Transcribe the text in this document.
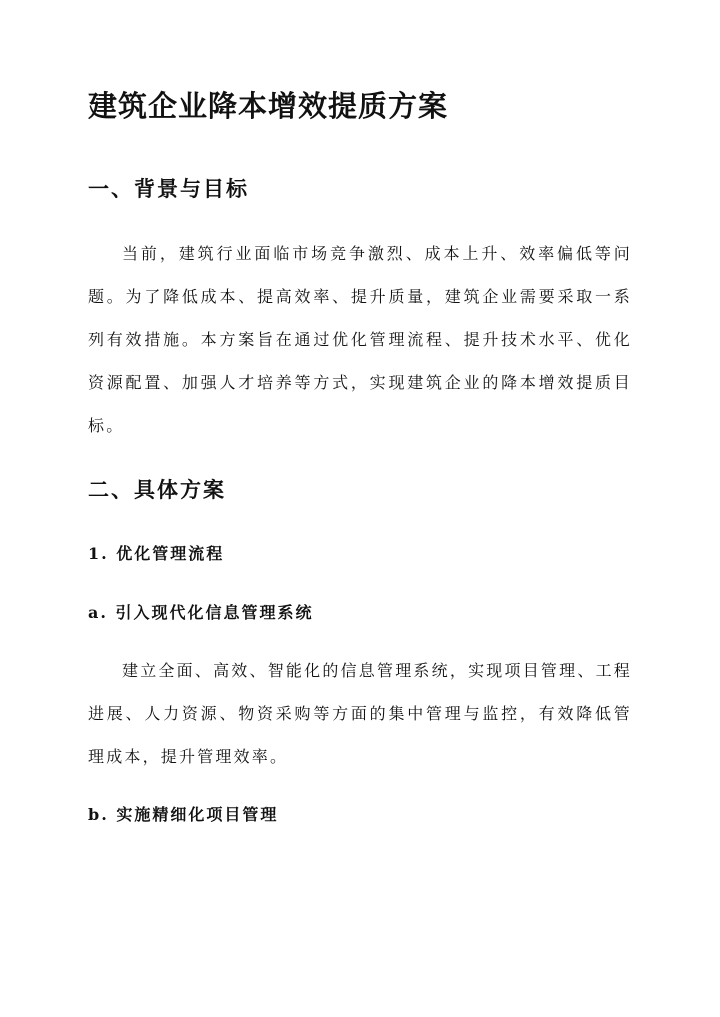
建筑企业降本增效提质方案
一、背景与目标

当前，建筑行业面临市场竞争激烈、成本上升、效率偏低等问题。为了降低成本、提高效率、提升质量，建筑企业需要采取一系列有效措施。本方案旨在通过优化管理流程、提升技术水平、优化资源配置、加强人才培养等方式，实现建筑企业的降本增效提质目标。

二、具体方案
1. 优化管理流程
a. 引入现代化信息管理系统

建立全面、高效、智能化的信息管理系统，实现项目管理、工程进展、人力资源、物资采购等方面的集中管理与监控，有效降低管理成本，提升管理效率。

b. 实施精细化项目管理
